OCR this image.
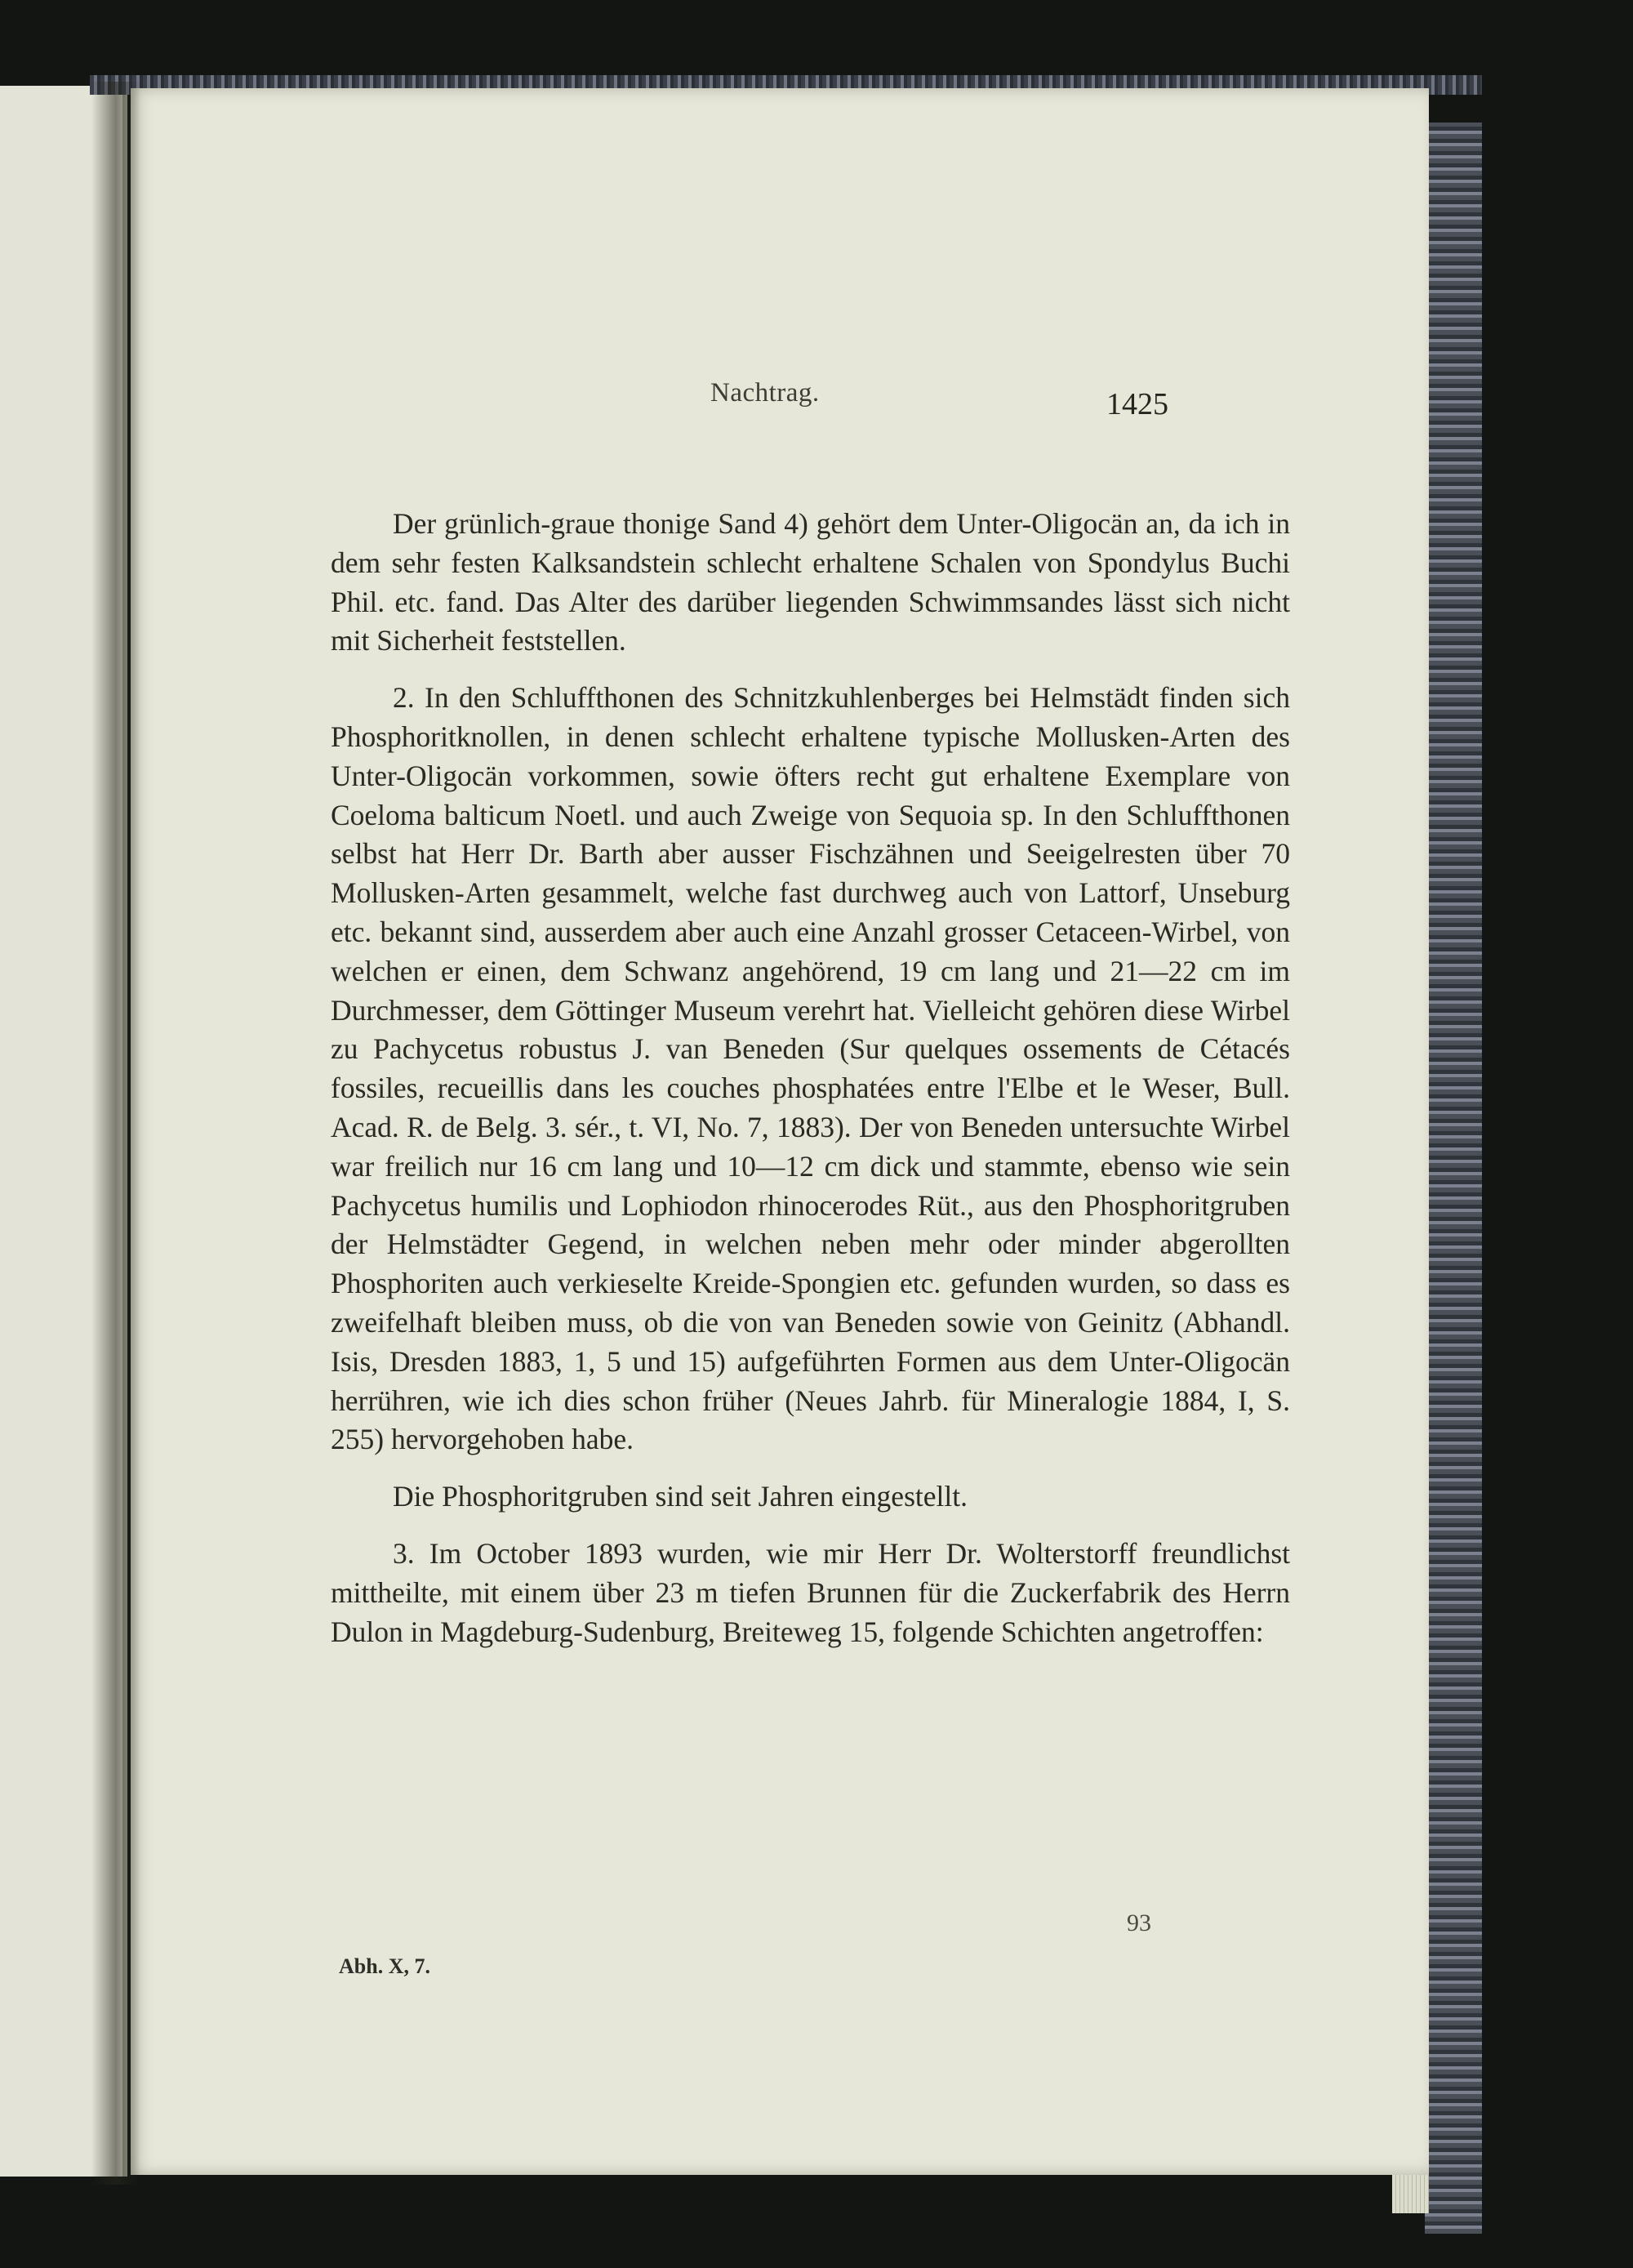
Nachtrag.	1425

Der grünlich-graue thonige Sand 4) gehört dem Unter-Oligocän an, da ich in dem sehr festen Kalksandstein schlecht erhaltene Schalen von Spondylus Buchi Phil. etc. fand. Das Alter des darüber liegenden Schwimmsandes lässt sich nicht mit Sicherheit feststellen.

2. In den Schluffthonen des Schnitzkuhlenberges bei Helmstädt finden sich Phosphoritknollen, in denen schlecht erhaltene typische Mollusken-Arten des Unter-Oligocän vorkommen, sowie öfters recht gut erhaltene Exemplare von Coeloma balticum Noetl. und auch Zweige von Sequoia sp. In den Schluffthonen selbst hat Herr Dr. Barth aber ausser Fischzähnen und Seeigelresten über 70 Mollusken-Arten gesammelt, welche fast durchweg auch von Lattorf, Unseburg etc. bekannt sind, ausserdem aber auch eine Anzahl grosser Cetaceen-Wirbel, von welchen er einen, dem Schwanz angehörend, 19 cm lang und 21—22 cm im Durchmesser, dem Göttinger Museum verehrt hat. Vielleicht gehören diese Wirbel zu Pachycetus robustus J. van Beneden (Sur quelques ossements de Cétacés fossiles, recueillis dans les couches phosphatées entre l'Elbe et le Weser, Bull. Acad. R. de Belg. 3. sér., t. VI, No. 7, 1883). Der von Beneden untersuchte Wirbel war freilich nur 16 cm lang und 10—12 cm dick und stammte, ebenso wie sein Pachycetus humilis und Lophiodon rhinocerodes Rüt., aus den Phosphoritgruben der Helmstädter Gegend, in welchen neben mehr oder minder abgerollten Phosphoriten auch verkieselte Kreide-Spongien etc. gefunden wurden, so dass es zweifelhaft bleiben muss, ob die von van Beneden sowie von Geinitz (Abhandl. Isis, Dresden 1883, 1, 5 und 15) aufgeführten Formen aus dem Unter-Oligocän herrühren, wie ich dies schon früher (Neues Jahrb. für Mineralogie 1884, I, S. 255) hervorgehoben habe.

Die Phosphoritgruben sind seit Jahren eingestellt.

3. Im October 1893 wurden, wie mir Herr Dr. Wolterstorff freundlichst mittheilte, mit einem über 23 m tiefen Brunnen für die Zuckerfabrik des Herrn Dulon in Magdeburg-Sudenburg, Breiteweg 15, folgende Schichten angetroffen:

93
Abh. X, 7.
